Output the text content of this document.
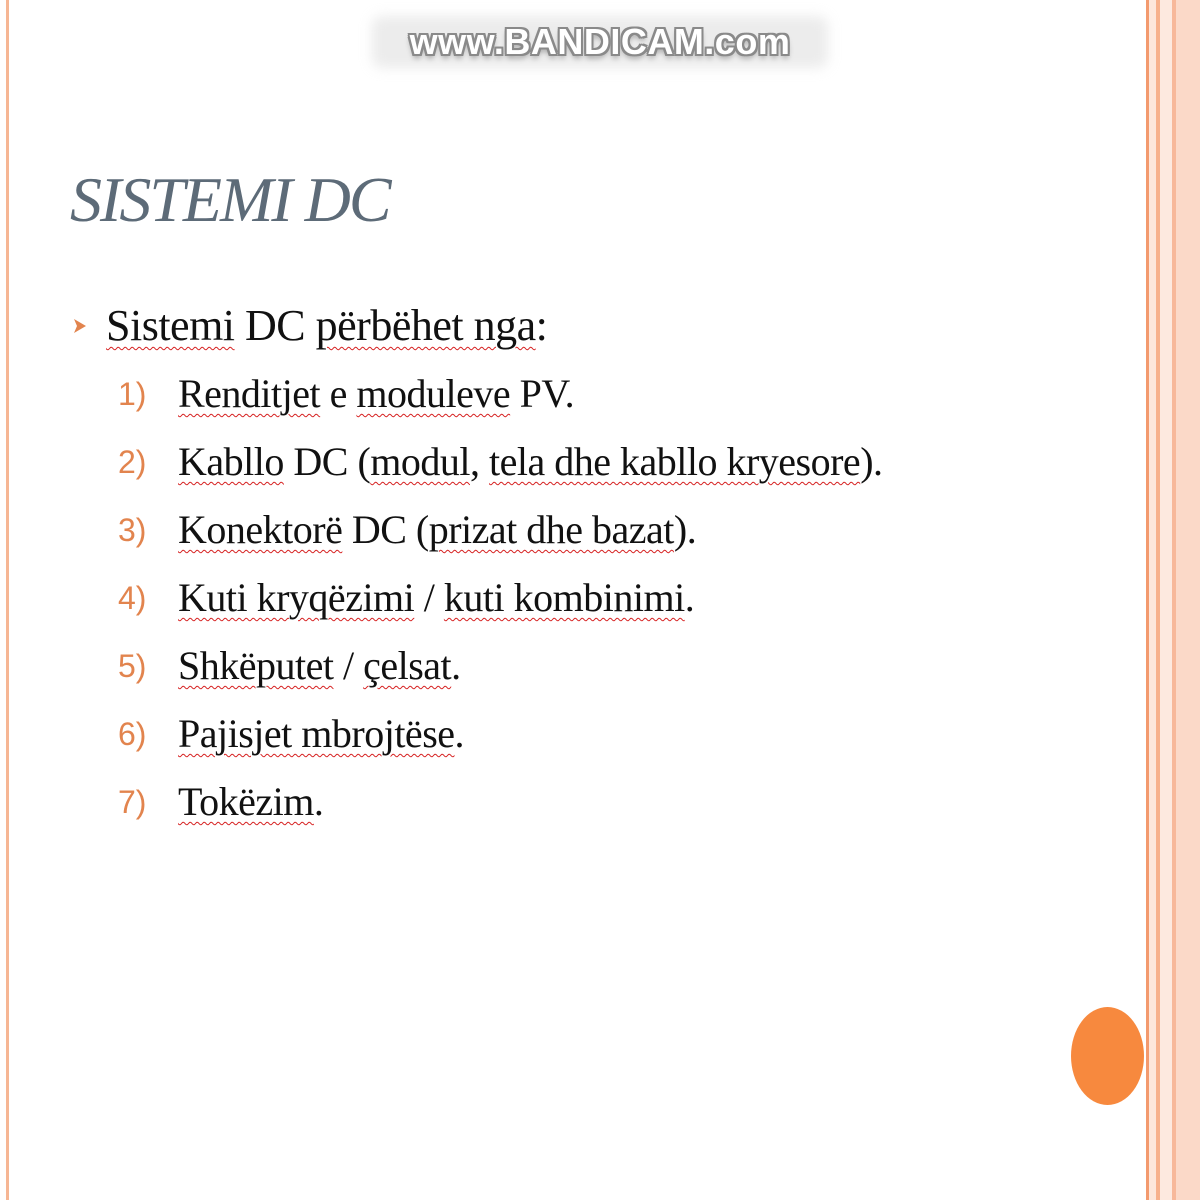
www.BANDICAM.com
SISTEMI DC
Sistemi DC përbëhet nga:
1) Renditjet e moduleve PV.
2) Kabllo DC (modul, tela dhe kabllo kryesore).
3) Konektorë DC (prizat dhe bazat).
4) Kuti kryqëzimi / kuti kombinimi.
5) Shkëputet / çelsat.
6) Pajisjet mbrojtëse.
7) Tokëzim.
